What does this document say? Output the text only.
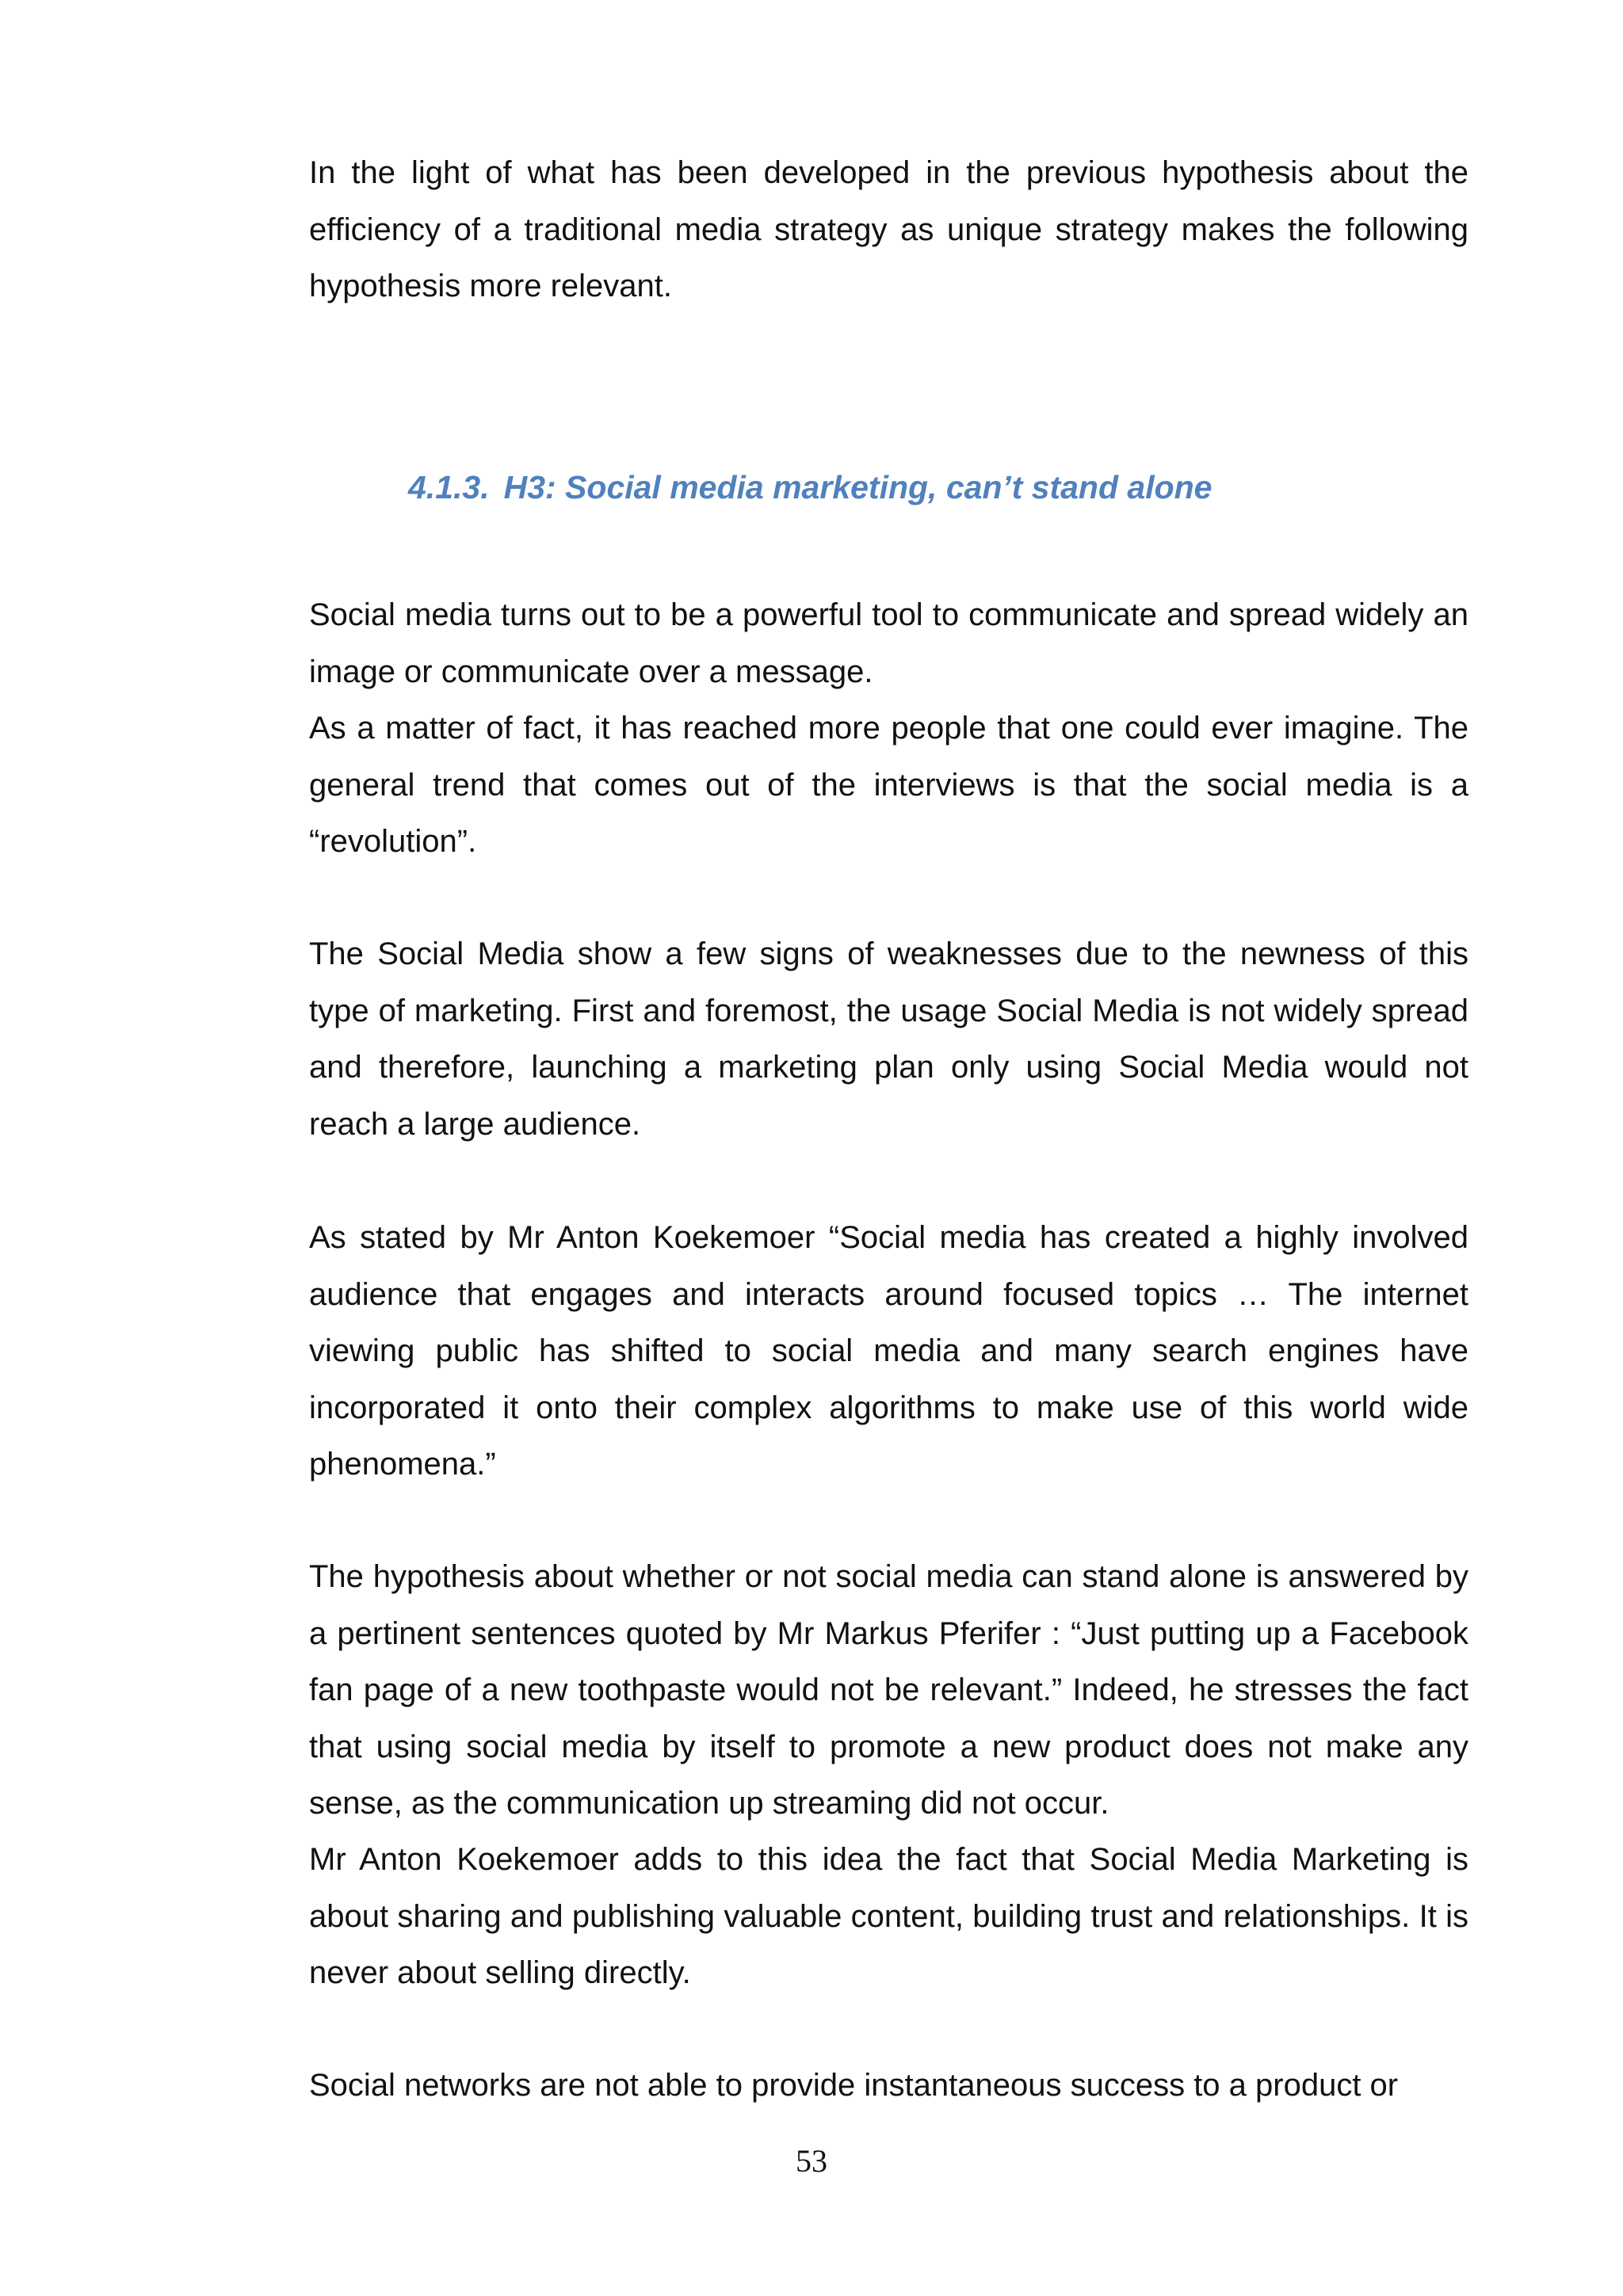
In the light of what has been developed in the previous hypothesis about the efficiency of a traditional media strategy as unique strategy makes the following hypothesis more relevant.

4.1.3. H3: Social media marketing, can’t stand alone

Social media turns out to be a powerful tool to communicate and spread widely an image or communicate over a message.

As a matter of fact, it has reached more people that one could ever imagine. The general trend that comes out of the interviews is that the social media is a “revolution”.

The Social Media show a few signs of weaknesses due to the newness of this type of marketing. First and foremost, the usage Social Media is not widely spread and therefore, launching a marketing plan only using Social Media would not reach a large audience.

As stated by Mr Anton Koekemoer “Social media has created a highly involved audience that engages and interacts around focused topics … The internet viewing public has shifted to social media and many search engines have incorporated it onto their complex algorithms to make use of this world wide phenomena.”

The hypothesis about whether or not social media can stand alone is answered by a pertinent sentences quoted by Mr Markus Pferifer : “Just putting up a Facebook fan page of a new toothpaste would not be relevant.” Indeed, he stresses the fact that using social media by itself to promote a new product does not make any sense, as the communication up streaming did not occur.

Mr Anton Koekemoer adds to this idea the fact that Social Media Marketing is about sharing and publishing valuable content, building trust and relationships. It is never about selling directly.

Social networks are not able to provide instantaneous success to a product or

53
